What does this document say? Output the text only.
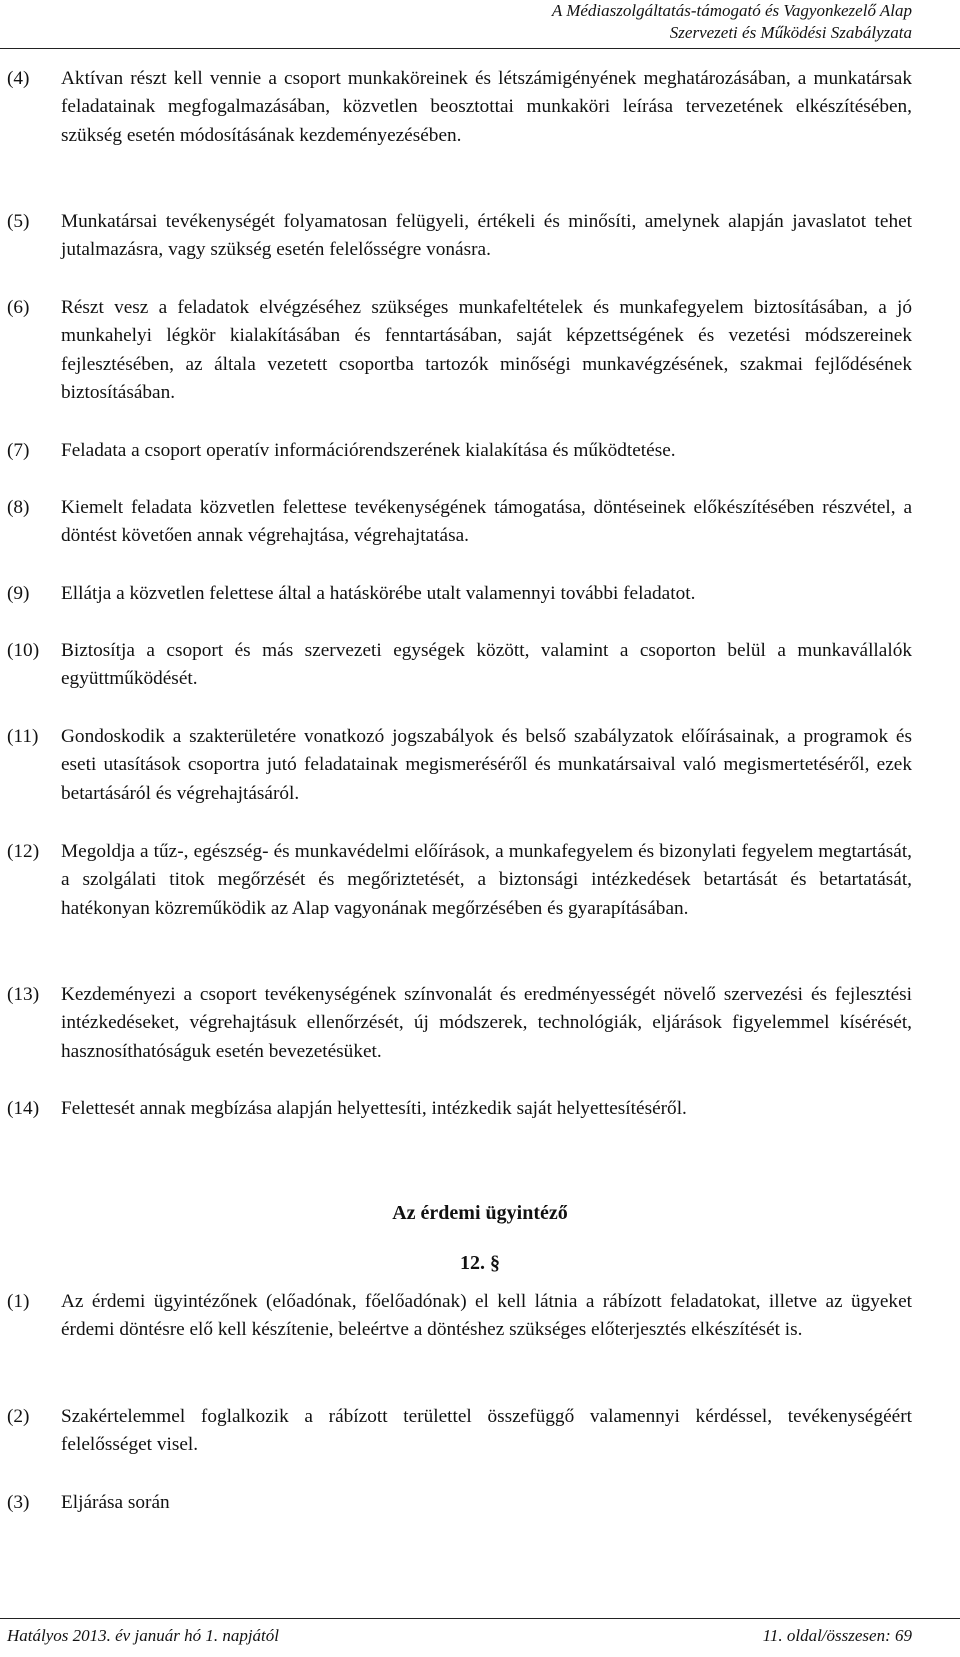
A Médiaszolgáltatás-támogató és Vagyonkezelő Alap
Szervezeti és Működési Szabályzata
(4) Aktívan részt kell vennie a csoport munkaköreinek és létszámigényének meghatározásában, a munkatársak feladatainak megfogalmazásában, közvetlen beosztottai munkaköri leírása tervezetének elkészítésében, szükség esetén módosításának kezdeményezésében.
(5) Munkatársai tevékenységét folyamatosan felügyeli, értékeli és minősíti, amelynek alapján javaslatot tehet jutalmazásra, vagy szükség esetén felelősségre vonásra.
(6) Részt vesz a feladatok elvégzéséhez szükséges munkafeltételek és munkafegyelem biztosításában, a jó munkahelyi légkör kialakításában és fenntartásában, saját képzettségének és vezetési módszereinek fejlesztésében, az általa vezetett csoportba tartozók minőségi munkavégzésének, szakmai fejlődésének biztosításában.
(7) Feladata a csoport operatív információrendszerének kialakítása és működtetése.
(8) Kiemelt feladata közvetlen felettese tevékenységének támogatása, döntéseinek előkészítésében részvétel, a döntést követően annak végrehajtása, végrehajtatása.
(9) Ellátja a közvetlen felettese által a hatáskörébe utalt valamennyi további feladatot.
(10) Biztosítja a csoport és más szervezeti egységek között, valamint a csoporton belül a munkavállalók együttműködését.
(11) Gondoskodik a szakterületére vonatkozó jogszabályok és belső szabályzatok előírásainak, a programok és eseti utasítások csoportra jutó feladatainak megismeréséről és munkatársaival való megismertetéséről, ezek betartásáról és végrehajtásáról.
(12) Megoldja a tűz-, egészség- és munkavédelmi előírások, a munkafegyelem és bizonylati fegyelem megtartását, a szolgálati titok megőrzését és megőriztetését, a biztonsági intézkedések betartását és betartatását, hatékonyan közreműködik az Alap vagyonának megőrzésében és gyarapításában.
(13) Kezdeményezi a csoport tevékenységének színvonalát és eredményességét növelő szervezési és fejlesztési intézkedéseket, végrehajtásuk ellenőrzését, új módszerek, technológiák, eljárások figyelemmel kísérését, hasznosíthatóságuk esetén bevezetésüket.
(14) Felettesét annak megbízása alapján helyettesíti, intézkedik saját helyettesítéséről.
Az érdemi ügyintéző
12. §
(1) Az érdemi ügyintézőnek (előadónak, főelőadónak) el kell látnia a rábízott feladatokat, illetve az ügyeket érdemi döntésre elő kell készítenie, beleértve a döntéshez szükséges előterjesztés elkészítését is.
(2) Szakértelemmel foglalkozik a rábízott területtel összefüggő valamennyi kérdéssel, tevékenységéért felelősséget visel.
(3) Eljárása során
Hatályos 2013. év január hó 1. napjától	11. oldal/összesen: 69
